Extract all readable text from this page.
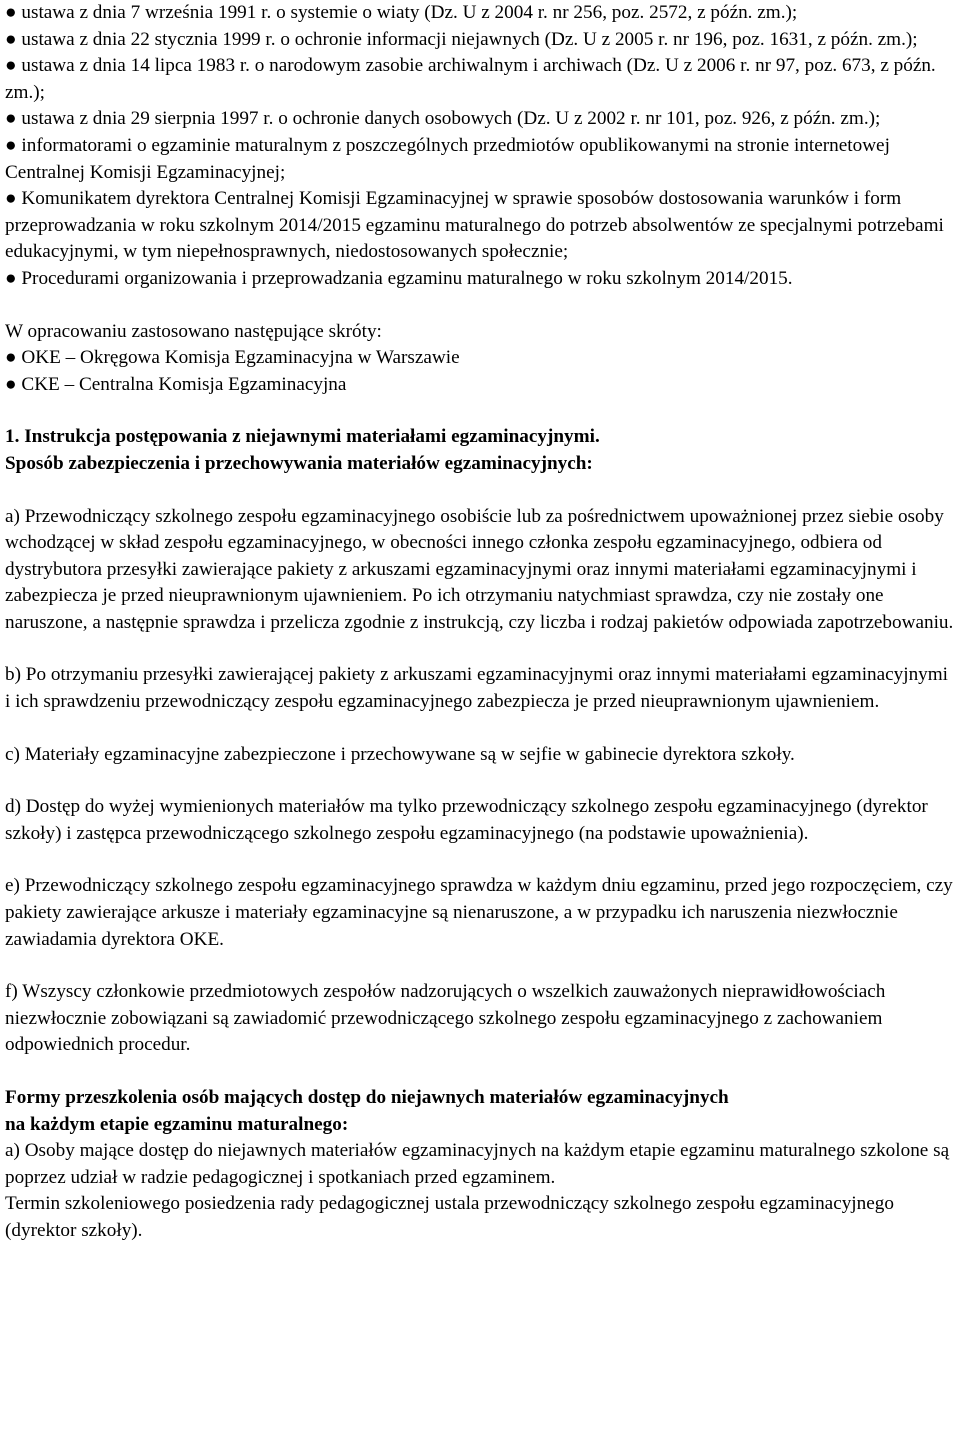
● ustawa z dnia 7 września 1991 r. o systemie o wiaty (Dz. U z 2004 r. nr 256, poz. 2572, z późn. zm.);

● ustawa z dnia 22 stycznia 1999 r. o ochronie informacji niejawnych (Dz. U z 2005 r. nr 196, poz. 1631, z późn. zm.);

● ustawa z dnia 14 lipca 1983 r. o narodowym zasobie archiwalnym i archiwach (Dz. U z 2006 r. nr 97, poz. 673, z późn. zm.);

● ustawa z dnia 29 sierpnia 1997 r. o ochronie danych osobowych (Dz. U z 2002 r. nr 101, poz. 926, z późn. zm.);

● informatorami o egzaminie maturalnym z poszczególnych przedmiotów opublikowanymi na stronie internetowej Centralnej Komisji Egzaminacyjnej;

● Komunikatem dyrektora Centralnej Komisji Egzaminacyjnej w sprawie sposobów dostosowania warunków i form przeprowadzania w roku szkolnym 2014/2015 egzaminu maturalnego do potrzeb absolwentów ze specjalnymi potrzebami edukacyjnymi, w tym niepełnosprawnych, niedostosowanych społecznie;

● Procedurami organizowania i przeprowadzania egzaminu maturalnego w roku szkolnym 2014/2015.

W opracowaniu zastosowano następujące skróty:

● OKE – Okręgowa Komisja Egzaminacyjna w Warszawie

● CKE – Centralna Komisja Egzaminacyjna

1. Instrukcja postępowania z niejawnymi materiałami egzaminacyjnymi.

Sposób zabezpieczenia i przechowywania materiałów egzaminacyjnych:

a) Przewodniczący szkolnego zespołu egzaminacyjnego osobiście lub za pośrednictwem upoważnionej przez siebie osoby wchodzącej w skład zespołu egzaminacyjnego, w obecności innego członka zespołu egzaminacyjnego, odbiera od dystrybutora przesyłki zawierające pakiety z arkuszami egzaminacyjnymi oraz innymi materiałami egzaminacyjnymi i zabezpiecza je przed nieuprawnionym ujawnieniem. Po ich otrzymaniu natychmiast sprawdza, czy nie zostały one naruszone, a następnie sprawdza i przelicza zgodnie z instrukcją, czy liczba i rodzaj pakietów odpowiada zapotrzebowaniu.

b) Po otrzymaniu przesyłki zawierającej pakiety z arkuszami egzaminacyjnymi oraz innymi materiałami egzaminacyjnymi i ich sprawdzeniu przewodniczący zespołu egzaminacyjnego zabezpiecza je przed nieuprawnionym ujawnieniem.

c) Materiały egzaminacyjne zabezpieczone i przechowywane są w sejfie w gabinecie dyrektora szkoły.

d) Dostęp do wyżej wymienionych materiałów ma tylko przewodniczący szkolnego zespołu egzaminacyjnego (dyrektor szkoły) i zastępca przewodniczącego szkolnego zespołu egzaminacyjnego (na podstawie upoważnienia).

e) Przewodniczący szkolnego zespołu egzaminacyjnego sprawdza w każdym dniu egzaminu, przed jego rozpoczęciem, czy pakiety zawierające arkusze i materiały egzaminacyjne są nienaruszone, a w przypadku ich naruszenia niezwłocznie zawiadamia dyrektora OKE.

f) Wszyscy członkowie przedmiotowych zespołów nadzorujących o wszelkich zauważonych nieprawidłowościach niezwłocznie zobowiązani są zawiadomić przewodniczącego szkolnego zespołu egzaminacyjnego z zachowaniem odpowiednich procedur.

Formy przeszkolenia osób mających dostęp do niejawnych materiałów egzaminacyjnych

na każdym etapie egzaminu maturalnego:

a) Osoby mające dostęp do niejawnych materiałów egzaminacyjnych na każdym etapie egzaminu maturalnego szkolone są poprzez udział w radzie pedagogicznej i spotkaniach przed egzaminem.

Termin szkoleniowego posiedzenia rady pedagogicznej ustala przewodniczący szkolnego zespołu egzaminacyjnego (dyrektor szkoły).
